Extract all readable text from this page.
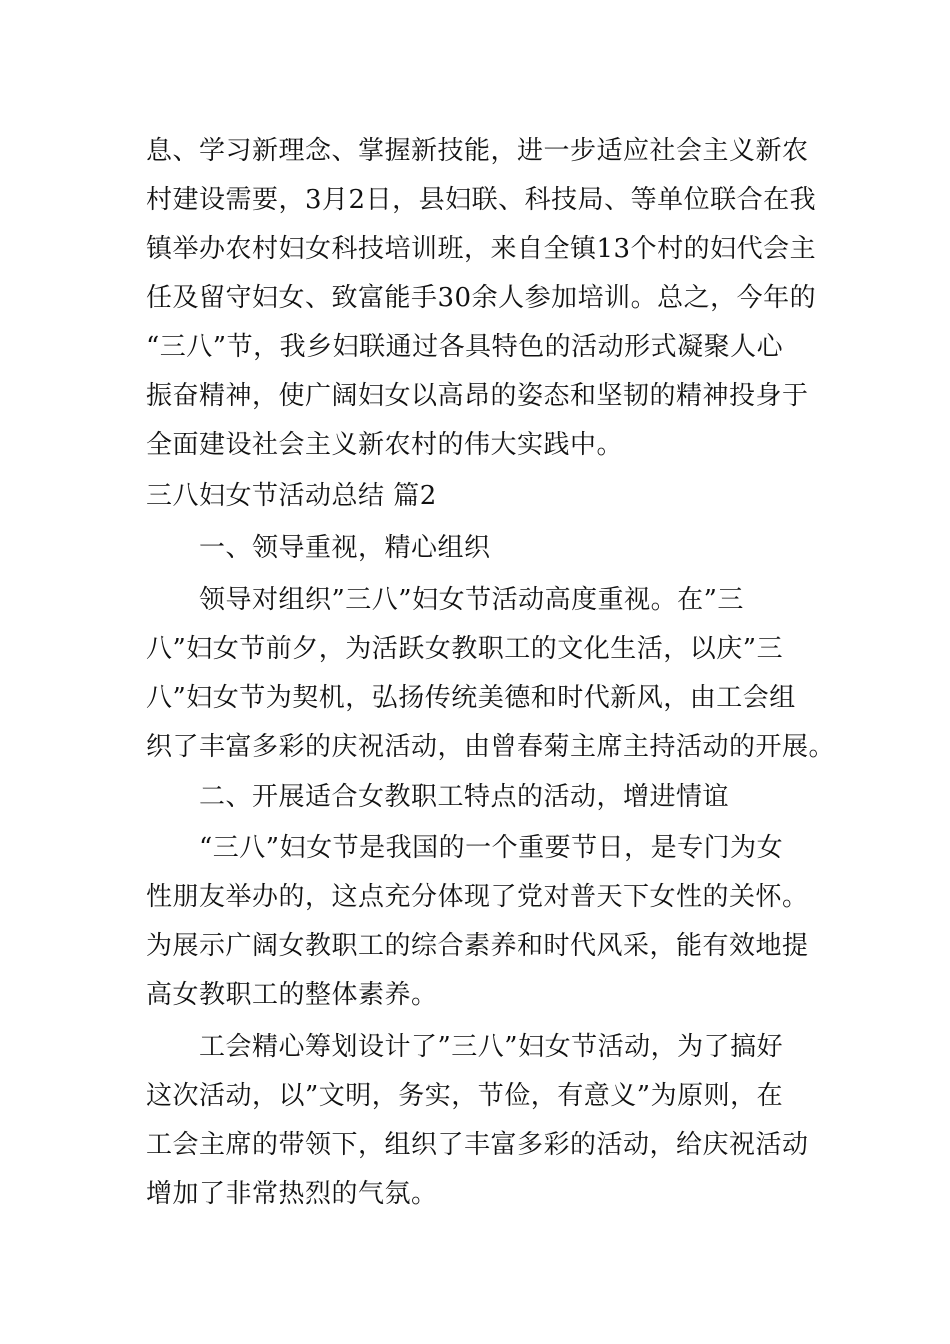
息、学习新理念、掌握新技能，进一步适应社会主义新农
村建设需要，3月2日，县妇联、科技局、等单位联合在我
镇举办农村妇女科技培训班，来自全镇13个村的妇代会主
任及留守妇女、致富能手30余人参加培训。总之，今年的
“三八”节，我乡妇联通过各具特色的活动形式凝聚人心
振奋精神，使广阔妇女以高昂的姿态和坚韧的精神投身于
全面建设社会主义新农村的伟大实践中。
三八妇女节活动总结 篇2
　　一、领导重视，精心组织
　　领导对组织”三八”妇女节活动高度重视。在”三
八”妇女节前夕，为活跃女教职工的文化生活，以庆”三
八”妇女节为契机，弘扬传统美德和时代新风，由工会组
织了丰富多彩的庆祝活动，由曾春菊主席主持活动的开展。
　　二、开展适合女教职工特点的活动，增进情谊
　　“三八”妇女节是我国的一个重要节日，是专门为女
性朋友举办的，这点充分体现了党对普天下女性的关怀。
为展示广阔女教职工的综合素养和时代风采，能有效地提
高女教职工的整体素养。
　　工会精心筹划设计了”三八”妇女节活动，为了搞好
这次活动，以”文明，务实，节俭，有意义”为原则，在
工会主席的带领下，组织了丰富多彩的活动，给庆祝活动
增加了非常热烈的气氛。
